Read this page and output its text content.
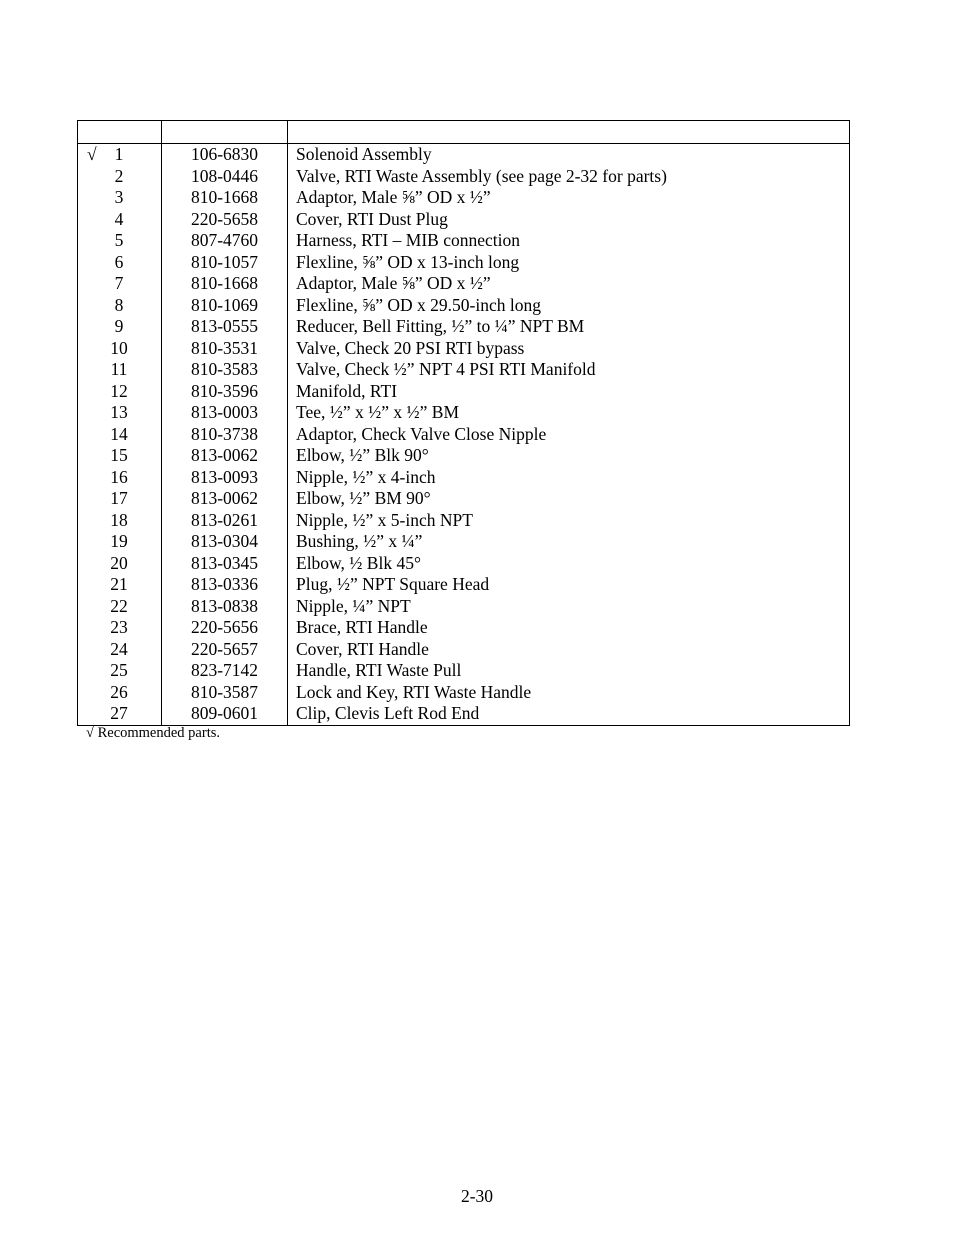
√ 1	106-6830	Solenoid Assembly
2	108-0446	Valve, RTI Waste Assembly (see page 2-32 for parts)
3	810-1668	Adaptor, Male ⅝” OD x ½”
4	220-5658	Cover, RTI Dust Plug
5	807-4760	Harness, RTI – MIB connection
6	810-1057	Flexline, ⅝” OD x 13-inch long
7	810-1668	Adaptor, Male ⅝” OD x ½”
8	810-1069	Flexline, ⅝” OD x 29.50-inch long
9	813-0555	Reducer, Bell Fitting, ½” to ¼” NPT BM
10	810-3531	Valve, Check 20 PSI RTI bypass
11	810-3583	Valve, Check ½” NPT 4 PSI RTI Manifold
12	810-3596	Manifold, RTI
13	813-0003	Tee, ½” x ½” x ½” BM
14	810-3738	Adaptor, Check Valve Close Nipple
15	813-0062	Elbow, ½” Blk 90°
16	813-0093	Nipple, ½” x 4-inch
17	813-0062	Elbow, ½” BM 90°
18	813-0261	Nipple, ½” x 5-inch NPT
19	813-0304	Bushing, ½” x ¼”
20	813-0345	Elbow, ½ Blk 45°
21	813-0336	Plug, ½” NPT Square Head
22	813-0838	Nipple, ¼” NPT
23	220-5656	Brace, RTI Handle
24	220-5657	Cover, RTI Handle
25	823-7142	Handle, RTI Waste Pull
26	810-3587	Lock and Key, RTI Waste Handle
27	809-0601	Clip, Clevis Left Rod End
√ Recommended parts.
2-30
